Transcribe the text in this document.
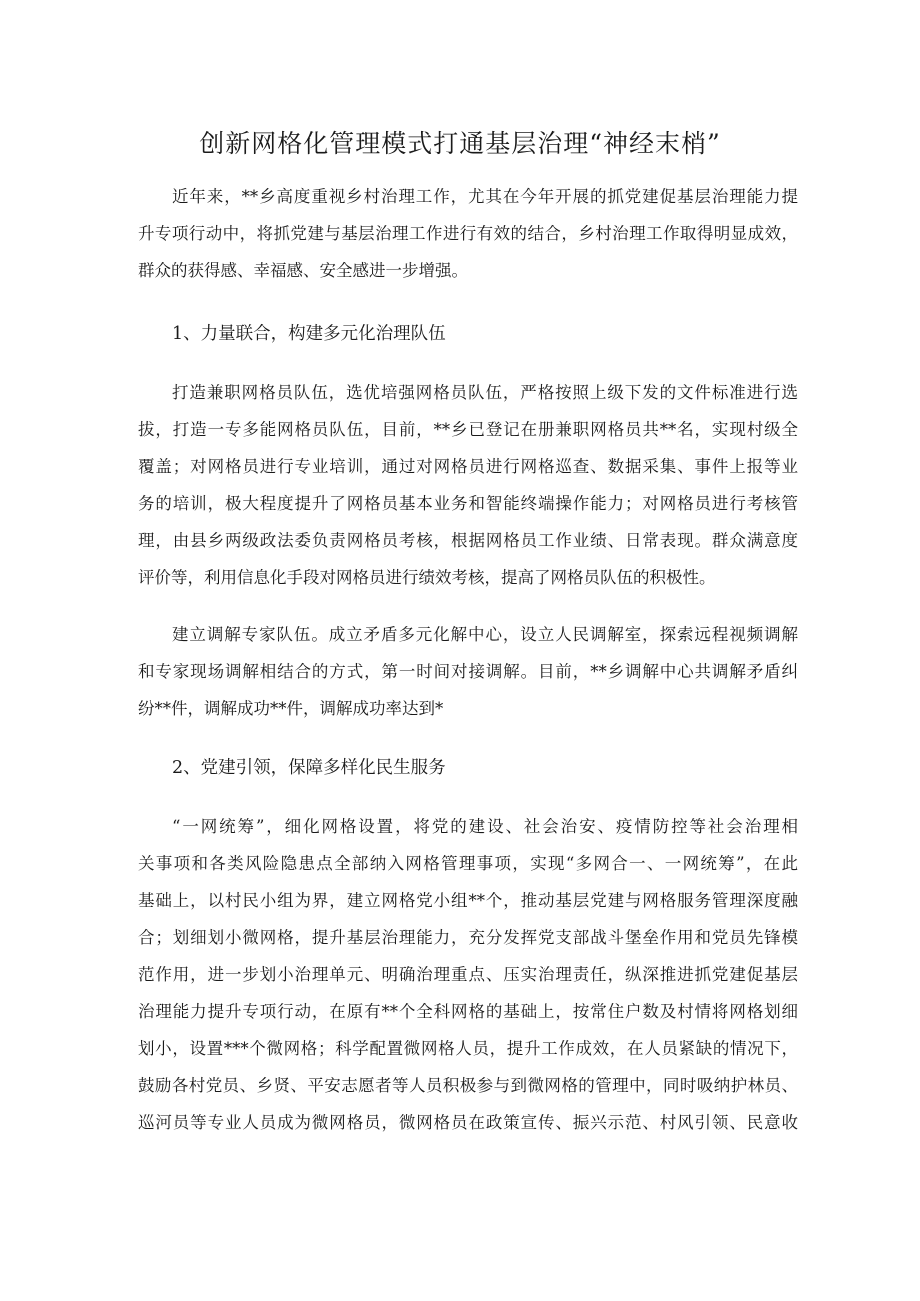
创新网格化管理模式打通基层治理“神经末梢”
近年来，**乡高度重视乡村治理工作，尤其在今年开展的抓党建促基层治理能力提
升专项行动中，将抓党建与基层治理工作进行有效的结合，乡村治理工作取得明显成效，
群众的获得感、幸福感、安全感进一步增强。
1、力量联合，构建多元化治理队伍
打造兼职网格员队伍，选优培强网格员队伍，严格按照上级下发的文件标准进行选
拔，打造一专多能网格员队伍，目前，**乡已登记在册兼职网格员共**名，实现村级全
覆盖；对网格员进行专业培训，通过对网格员进行网格巡查、数据采集、事件上报等业
务的培训，极大程度提升了网格员基本业务和智能终端操作能力；对网格员进行考核管
理，由县乡两级政法委负责网格员考核，根据网格员工作业绩、日常表现。群众满意度
评价等，利用信息化手段对网格员进行绩效考核，提高了网格员队伍的积极性。
建立调解专家队伍。成立矛盾多元化解中心，设立人民调解室，探索远程视频调解
和专家现场调解相结合的方式，第一时间对接调解。目前，**乡调解中心共调解矛盾纠
纷**件，调解成功**件，调解成功率达到*
2、党建引领，保障多样化民生服务
“一网统筹”，细化网格设置，将党的建设、社会治安、疫情防控等社会治理相
关事项和各类风险隐患点全部纳入网格管理事项，实现“多网合一、一网统筹”，在此
基础上，以村民小组为界，建立网格党小组**个，推动基层党建与网格服务管理深度融
合；划细划小微网格，提升基层治理能力，充分发挥党支部战斗堡垒作用和党员先锋模
范作用，进一步划小治理单元、明确治理重点、压实治理责任，纵深推进抓党建促基层
治理能力提升专项行动，在原有**个全科网格的基础上，按常住户数及村情将网格划细
划小，设置***个微网格；科学配置微网格人员，提升工作成效，在人员紧缺的情况下，
鼓励各村党员、乡贤、平安志愿者等人员积极参与到微网格的管理中，同时吸纳护林员、
巡河员等专业人员成为微网格员，微网格员在政策宣传、振兴示范、村风引领、民意收
